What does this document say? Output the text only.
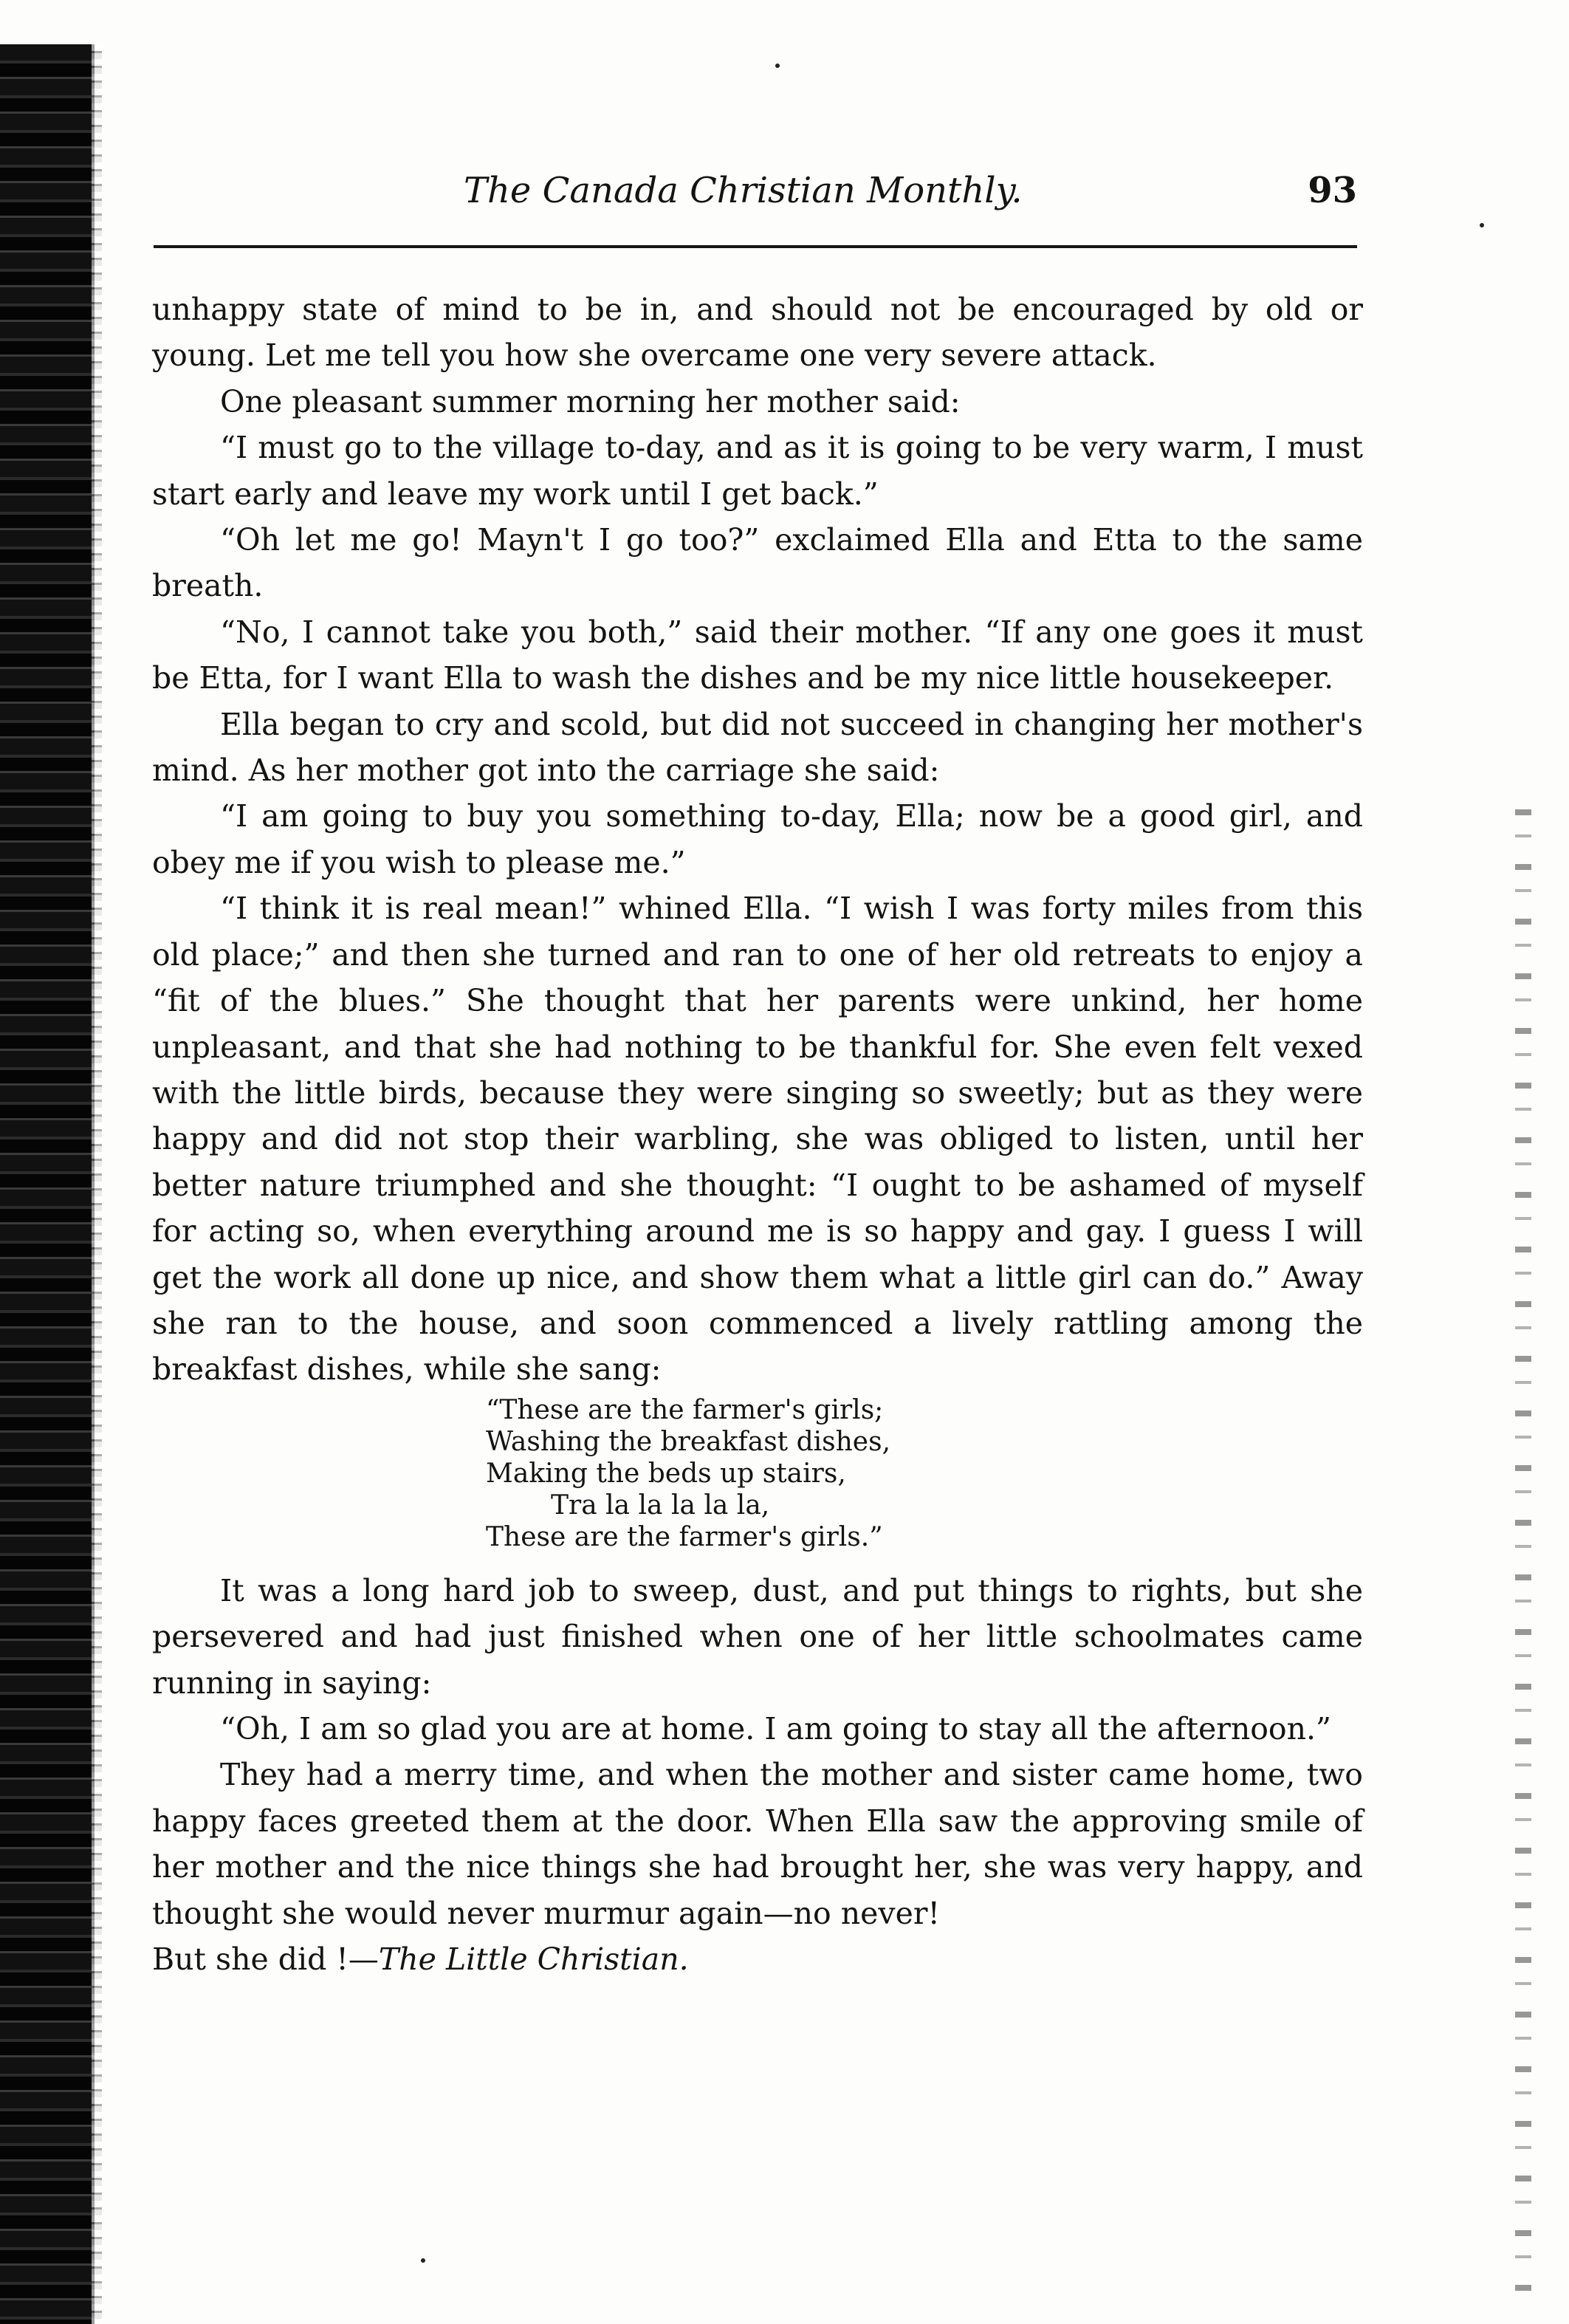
The Canada Christian Monthly.	93

unhappy state of mind to be in, and should not be encouraged by old or young. Let me tell you how she overcame one very severe attack.

One pleasant summer morning her mother said:

“I must go to the village to-day, and as it is going to be very warm, I must start early and leave my work until I get back.”

“Oh let me go! Mayn't I go too?” exclaimed Ella and Etta to the same breath.

“No, I cannot take you both,” said their mother. “If any one goes it must be Etta, for I want Ella to wash the dishes and be my nice little housekeeper.

Ella began to cry and scold, but did not succeed in changing her mother's mind. As her mother got into the carriage she said:

“I am going to buy you something to-day, Ella; now be a good girl, and obey me if you wish to please me.”

“I think it is real mean!” whined Ella. “I wish I was forty miles from this old place;” and then she turned and ran to one of her old retreats to enjoy a “fit of the blues.” She thought that her parents were unkind, her home unpleasant, and that she had nothing to be thankful for. She even felt vexed with the little birds, because they were singing so sweetly; but as they were happy and did not stop their warbling, she was obliged to listen, until her better nature triumphed and she thought: “I ought to be ashamed of myself for acting so, when everything around me is so happy and gay. I guess I will get the work all done up nice, and show them what a little girl can do.” Away she ran to the house, and soon commenced a lively rattling among the breakfast dishes, while she sang:

“These are the farmer's girls;
Washing the breakfast dishes,
Making the beds up stairs,
Tra la la la la la,
These are the farmer's girls.”

It was a long hard job to sweep, dust, and put things to rights, but she persevered and had just finished when one of her little schoolmates came running in saying:

“Oh, I am so glad you are at home. I am going to stay all the afternoon.”

They had a merry time, and when the mother and sister came home, two happy faces greeted them at the door. When Ella saw the approving smile of her mother and the nice things she had brought her, she was very happy, and thought she would never murmur again—no never!

But she did !—The Little Christian.
